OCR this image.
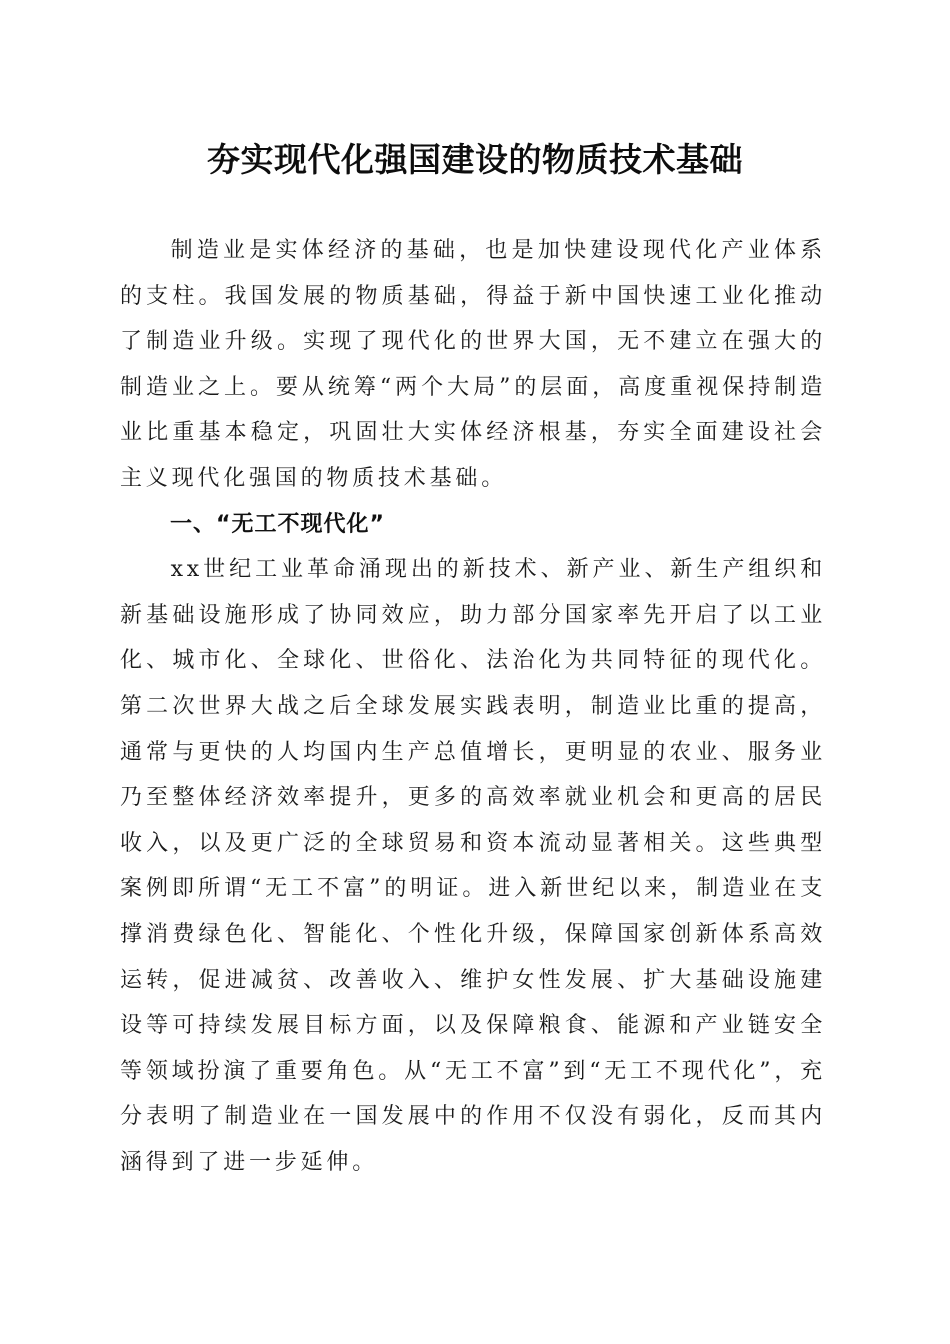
夯实现代化强国建设的物质技术基础

制造业是实体经济的基础，也是加快建设现代化产业体系的支柱。我国发展的物质基础，得益于新中国快速工业化推动了制造业升级。实现了现代化的世界大国，无不建立在强大的制造业之上。要从统筹“两个大局”的层面，高度重视保持制造业比重基本稳定，巩固壮大实体经济根基，夯实全面建设社会主义现代化强国的物质技术基础。

一、“无工不现代化”

xx世纪工业革命涌现出的新技术、新产业、新生产组织和新基础设施形成了协同效应，助力部分国家率先开启了以工业化、城市化、全球化、世俗化、法治化为共同特征的现代化。第二次世界大战之后全球发展实践表明，制造业比重的提高，通常与更快的人均国内生产总值增长，更明显的农业、服务业乃至整体经济效率提升，更多的高效率就业机会和更高的居民收入，以及更广泛的全球贸易和资本流动显著相关。这些典型案例即所谓“无工不富”的明证。进入新世纪以来，制造业在支撑消费绿色化、智能化、个性化升级，保障国家创新体系高效运转，促进减贫、改善收入、维护女性发展、扩大基础设施建设等可持续发展目标方面，以及保障粮食、能源和产业链安全等领域扮演了重要角色。从“无工不富”到“无工不现代化”，充分表明了制造业在一国发展中的作用不仅没有弱化，反而其内涵得到了进一步延伸。
